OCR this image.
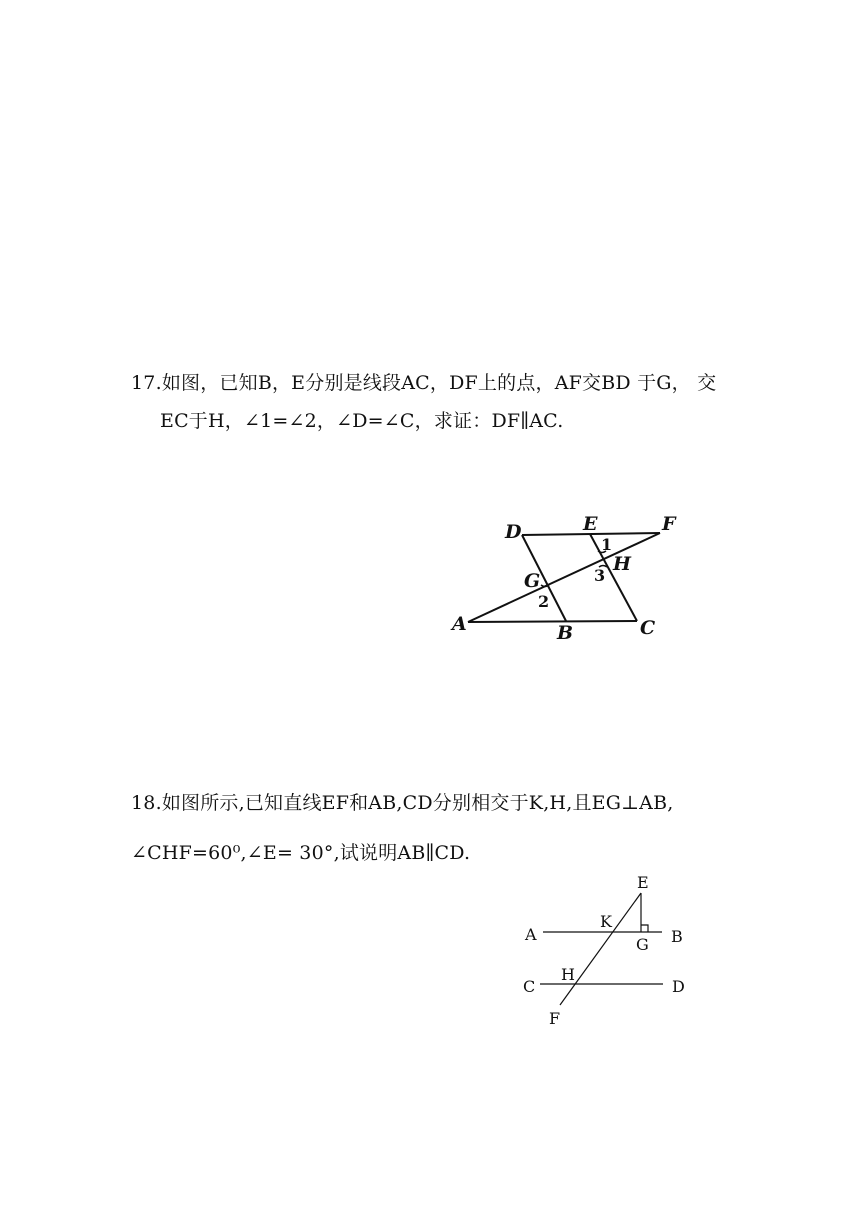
17.如图，已知B，E分别是线段AC，DF上的点，AF交BD 于G， 交
EC于H，∠1=∠2，∠D=∠C，求证：DF∥AC.
D	E	F
G
H
A	B	C
1
2
3
18.如图所示,已知直线EF和AB,CD分别相交于K,H,且EG⊥AB,
∠CHF=60⁰,∠E= 30°,试说明AB∥CD.
E
A
K
G B
C
H
D
F
